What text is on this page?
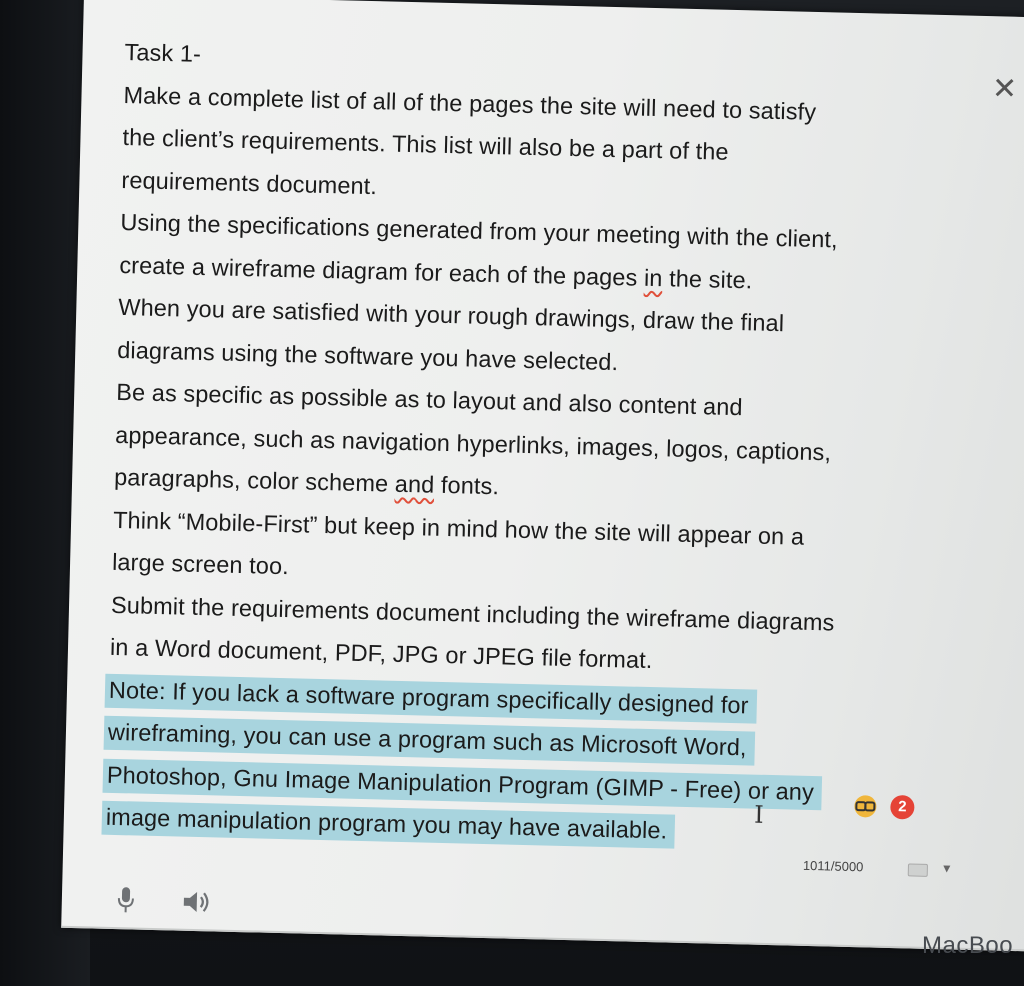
✕
Task 1-
Make a complete list of all of the pages the site will need to satisfy
the client’s requirements. This list will also be a part of the
requirements document.
Using the specifications generated from your meeting with the client,
create a wireframe diagram for each of the pages in the site.
When you are satisfied with your rough drawings, draw the final
diagrams using the software you have selected.
Be as specific as possible as to layout and also content and
appearance, such as navigation hyperlinks, images, logos, captions,
paragraphs, color scheme and fonts.
Think “Mobile-First” but keep in mind how the site will appear on a
large screen too.
Submit the requirements document including the wireframe diagrams
in a Word document, PDF, JPG or JPEG file format.
Note: If you lack a software program specifically designed for
wireframing, you can use a program such as Microsoft Word,
Photoshop, Gnu Image Manipulation Program (GIMP - Free) or any
image manipulation program you may have available.	I	2
1011/5000	▼
MacBoo
